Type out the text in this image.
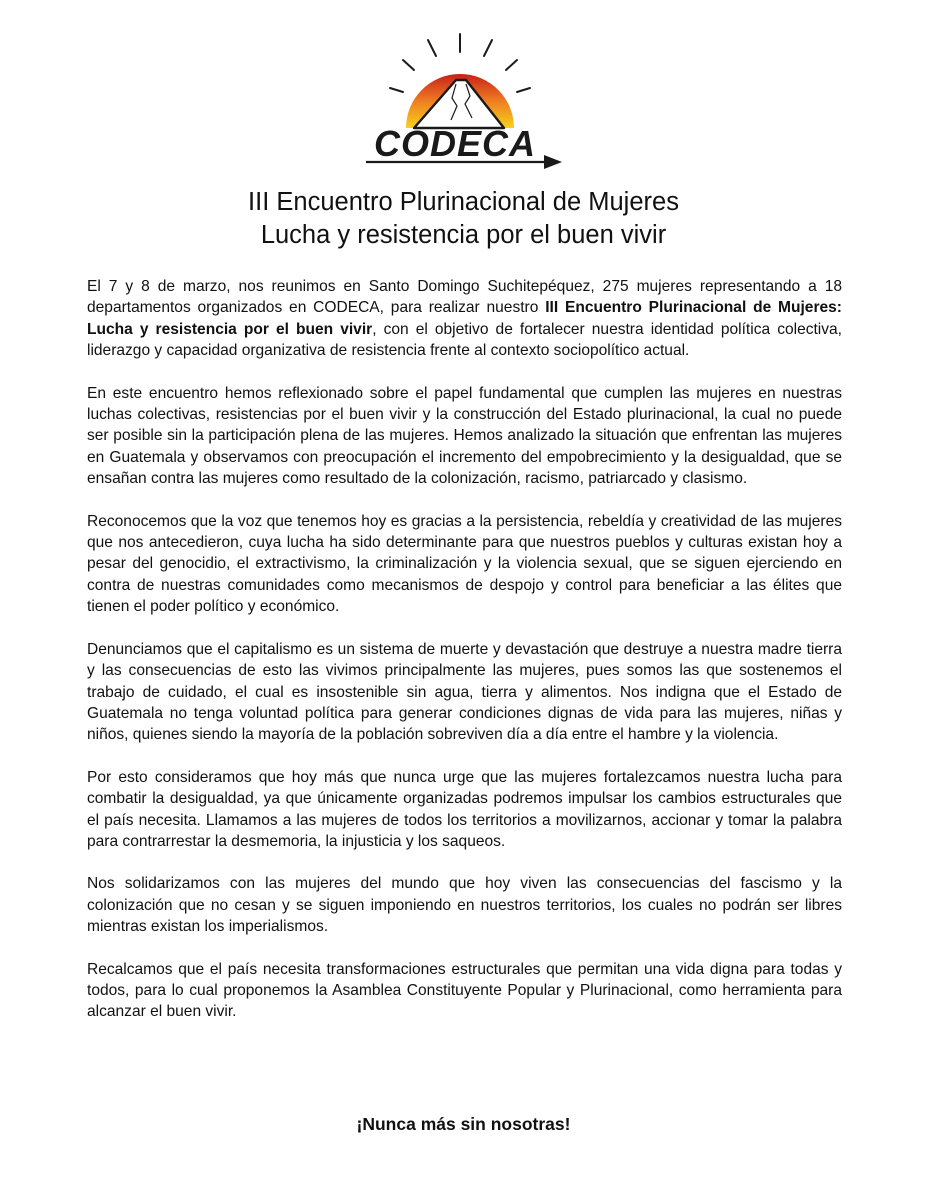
CODECA
III Encuentro Plurinacional de Mujeres
Lucha y resistencia por el buen vivir

El 7 y 8 de marzo, nos reunimos en Santo Domingo Suchitepéquez, 275 mujeres representando a 18 departamentos organizados en CODECA, para realizar nuestro III Encuentro Plurinacional de Mujeres: Lucha y resistencia por el buen vivir, con el objetivo de fortalecer nuestra identidad política colectiva, liderazgo y capacidad organizativa de resistencia frente al contexto sociopolítico actual.

En este encuentro hemos reflexionado sobre el papel fundamental que cumplen las mujeres en nuestras luchas colectivas, resistencias por el buen vivir y la construcción del Estado plurinacional, la cual no puede ser posible sin la participación plena de las mujeres. Hemos analizado la situación que enfrentan las mujeres en Guatemala y observamos con preocupación el incremento del empobrecimiento y la desigualdad, que se ensañan contra las mujeres como resultado de la colonización, racismo, patriarcado y clasismo.

Reconocemos que la voz que tenemos hoy es gracias a la persistencia, rebeldía y creatividad de las mujeres que nos antecedieron, cuya lucha ha sido determinante para que nuestros pueblos y culturas existan hoy a pesar del genocidio, el extractivismo, la criminalización y la violencia sexual, que se siguen ejerciendo en contra de nuestras comunidades como mecanismos de despojo y control para beneficiar a las élites que tienen el poder político y económico.

Denunciamos que el capitalismo es un sistema de muerte y devastación que destruye a nuestra madre tierra y las consecuencias de esto las vivimos principalmente las mujeres, pues somos las que sostenemos el trabajo de cuidado, el cual es insostenible sin agua, tierra y alimentos. Nos indigna que el Estado de Guatemala no tenga voluntad política para generar condiciones dignas de vida para las mujeres, niñas y niños, quienes siendo la mayoría de la población sobreviven día a día entre el hambre y la violencia.

Por esto consideramos que hoy más que nunca urge que las mujeres fortalezcamos nuestra lucha para combatir la desigualdad, ya que únicamente organizadas podremos impulsar los cambios estructurales que el país necesita. Llamamos a las mujeres de todos los territorios a movilizarnos, accionar y tomar la palabra para contrarrestar la desmemoria, la injusticia y los saqueos.

Nos solidarizamos con las mujeres del mundo que hoy viven las consecuencias del fascismo y la colonización que no cesan y se siguen imponiendo en nuestros territorios, los cuales no podrán ser libres mientras existan los imperialismos.

Recalcamos que el país necesita transformaciones estructurales que permitan una vida digna para todas y todos, para lo cual proponemos la Asamblea Constituyente Popular y Plurinacional, como herramienta para alcanzar el buen vivir.

¡Nunca más sin nosotras!
